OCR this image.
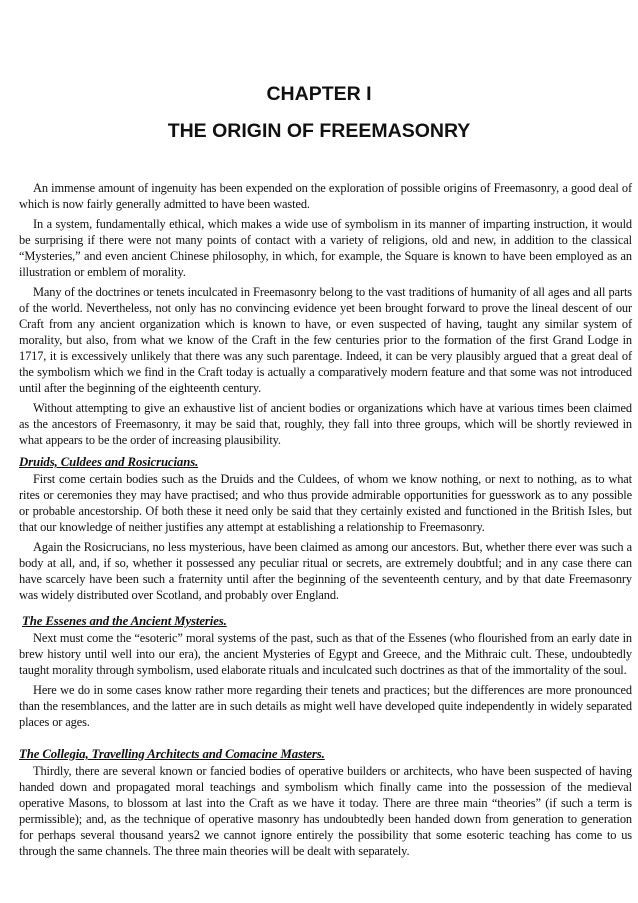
CHAPTER I
THE ORIGIN OF FREEMASONRY

An immense amount of ingenuity has been expended on the exploration of possible origins of Freemasonry, a good deal of which is now fairly generally admitted to have been wasted.

In a system, fundamentally ethical, which makes a wide use of symbolism in its manner of imparting instruction, it would be surprising if there were not many points of contact with a variety of religions, old and new, in addition to the classical “Mysteries,” and even ancient Chinese philosophy, in which, for example, the Square is known to have been employed as an illustration or emblem of morality.

Many of the doctrines or tenets inculcated in Freemasonry belong to the vast traditions of humanity of all ages and all parts of the world. Nevertheless, not only has no convincing evidence yet been brought forward to prove the lineal descent of our Craft from any ancient organization which is known to have, or even suspected of having, taught any similar system of morality, but also, from what we know of the Craft in the few centuries prior to the formation of the first Grand Lodge in 1717, it is excessively unlikely that there was any such parentage. Indeed, it can be very plausibly argued that a great deal of the symbolism which we find in the Craft today is actually a comparatively modern feature and that some was not introduced until after the beginning of the eighteenth century.

Without attempting to give an exhaustive list of ancient bodies or organizations which have at various times been claimed as the ancestors of Freemasonry, it may be said that, roughly, they fall into three groups, which will be shortly reviewed in what appears to be the order of increasing plausibility.

Druids, Culdees and Rosicrucians.

First come certain bodies such as the Druids and the Culdees, of whom we know nothing, or next to nothing, as to what rites or ceremonies they may have practised; and who thus provide admirable opportunities for guesswork as to any possible or probable ancestorship. Of both these it need only be said that they certainly existed and functioned in the British Isles, but that our knowledge of neither justifies any attempt at establishing a relationship to Freemasonry.

Again the Rosicrucians, no less mysterious, have been claimed as among our ancestors. But, whether there ever was such a body at all, and, if so, whether it possessed any peculiar ritual or secrets, are extremely doubtful; and in any case there can have scarcely have been such a fraternity until after the beginning of the seventeenth century, and by that date Freemasonry was widely distributed over Scotland, and probably over England.

The Essenes and the Ancient Mysteries.

Next must come the “esoteric” moral systems of the past, such as that of the Essenes (who flourished from an early date in brew history until well into our era), the ancient Mysteries of Egypt and Greece, and the Mithraic cult. These, undoubtedly taught morality through symbolism, used elaborate rituals and inculcated such doctrines as that of the immortality of the soul.

Here we do in some cases know rather more regarding their tenets and practices; but the differences are more pronounced than the resemblances, and the latter are in such details as might well have developed quite independently in widely separated places or ages.

The Collegia, Travelling Architects and Comacine Masters.

Thirdly, there are several known or fancied bodies of operative builders or architects, who have been suspected of having handed down and propagated moral teachings and symbolism which finally came into the possession of the medieval operative Masons, to blossom at last into the Craft as we have it today. There are three main “theories” (if such a term is permissible); and, as the technique of operative masonry has undoubtedly been handed down from generation to generation for perhaps several thousand years2 we cannot ignore entirely the possibility that some esoteric teaching has come to us through the same channels. The three main theories will be dealt with separately.
